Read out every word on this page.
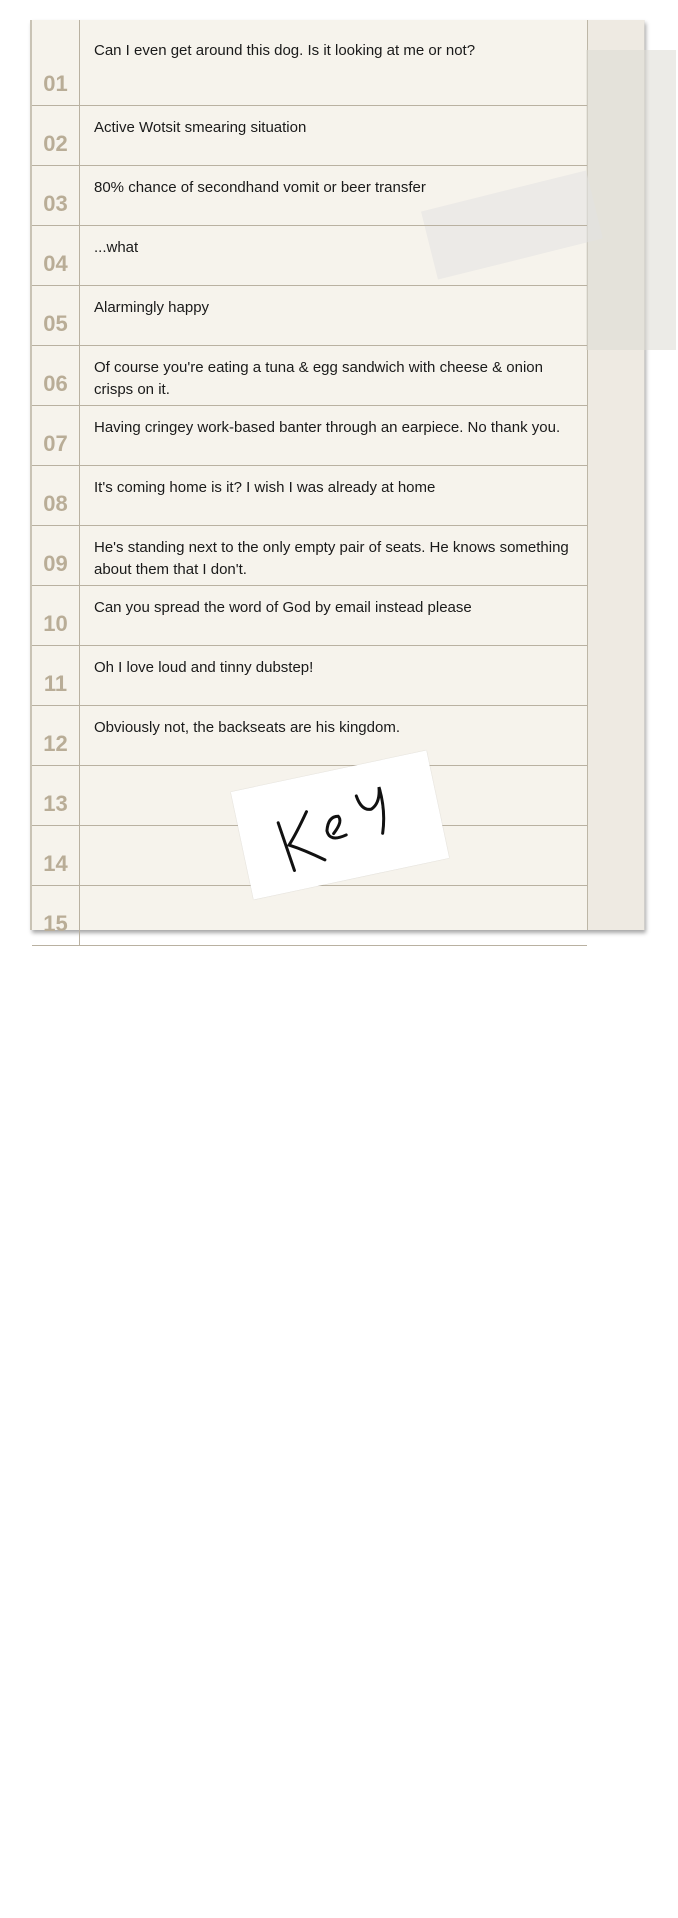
01
Can I even get around this dog. Is it looking at me or not?
02
Active Wotsit smearing situation
03
80% chance of secondhand vomit or beer transfer
04
...what
05
Alarmingly happy
06
Of course you're eating a tuna & egg sandwich with cheese & onion crisps on it.
07
Having cringey work-based banter through an earpiece. No thank you.
08
It's coming home is it? I wish I was already at home
09
He's standing next to the only empty pair of seats. He knows something about them that I don't.
10
Can you spread the word of God by email instead please
11
Oh I love loud and tinny dubstep!
12
Obviously not, the backseats are his kingdom.
13
14
15
